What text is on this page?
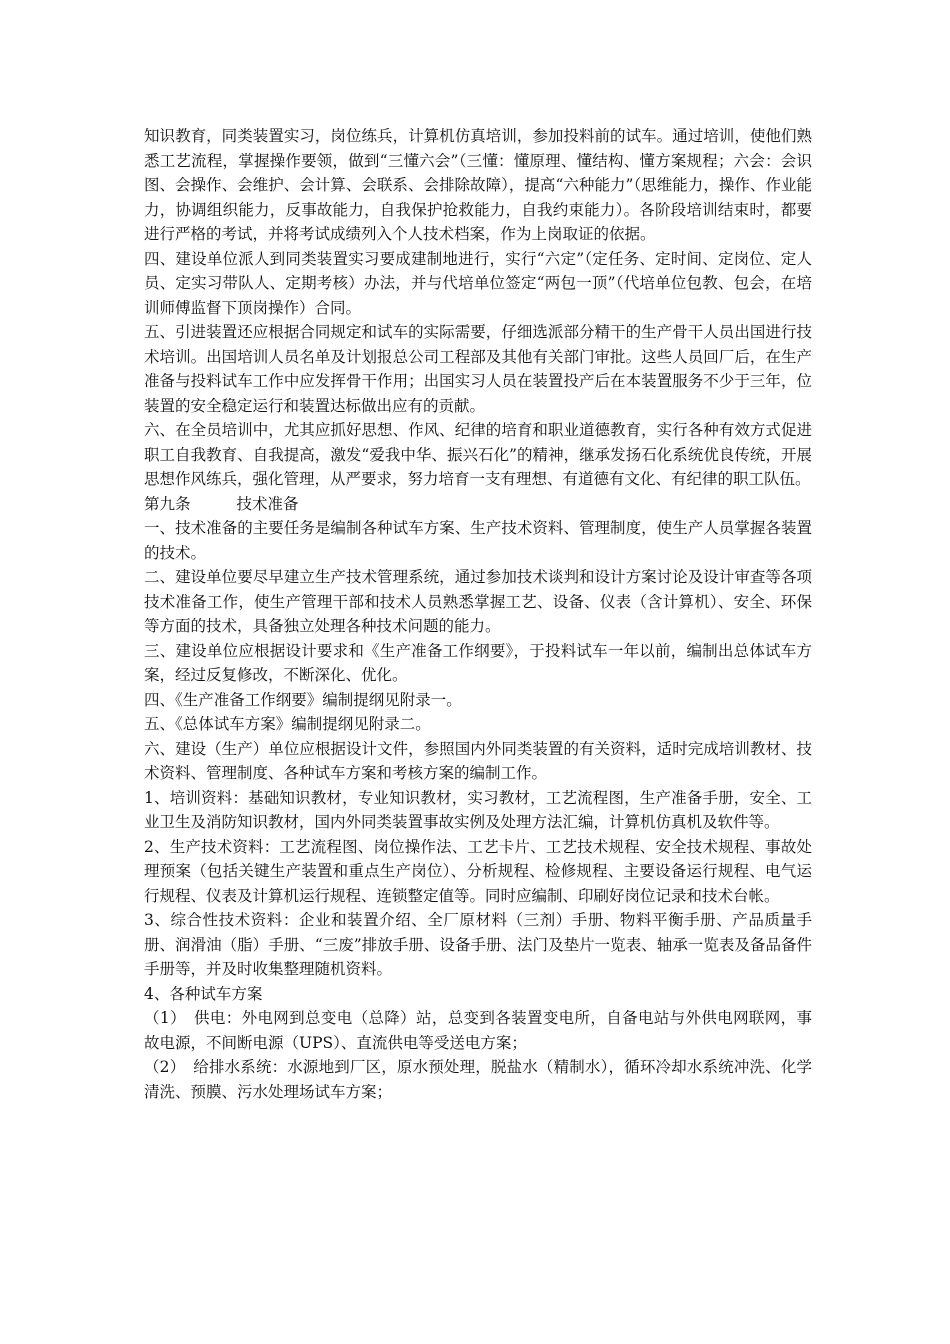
知识教育，同类装置实习，岗位练兵，计算机仿真培训，参加投料前的试车。通过培训，使他们熟悉工艺流程，掌握操作要领，做到“三懂六会”（三懂：懂原理、懂结构、懂方案规程；六会：会识图、会操作、会维护、会计算、会联系、会排除故障），提高“六种能力”（思维能力，操作、作业能力，协调组织能力，反事故能力，自我保护抢救能力，自我约束能力）。各阶段培训结束时，都要进行严格的考试，并将考试成绩列入个人技术档案，作为上岗取证的依据。

四、建设单位派人到同类装置实习要成建制地进行，实行“六定”（定任务、定时间、定岗位、定人员、定实习带队人、定期考核）办法，并与代培单位签定“两包一顶”（代培单位包教、包会，在培训师傅监督下顶岗操作）合同。

五、引进装置还应根据合同规定和试车的实际需要，仔细选派部分精干的生产骨干人员出国进行技术培训。出国培训人员名单及计划报总公司工程部及其他有关部门审批。这些人员回厂后，在生产准备与投料试车工作中应发挥骨干作用；出国实习人员在装置投产后在本装置服务不少于三年，位装置的安全稳定运行和装置达标做出应有的贡献。

六、在全员培训中，尤其应抓好思想、作风、纪律的培育和职业道德教育，实行各种有效方式促进职工自我教育、自我提高，激发“爱我中华、振兴石化”的精神，继承发扬石化系统优良传统，开展思想作风练兵，强化管理，从严要求，努力培育一支有理想、有道德有文化、有纪律的职工队伍。

第九条	技术准备

一、技术准备的主要任务是编制各种试车方案、生产技术资料、管理制度，使生产人员掌握各装置的技术。

二、建设单位要尽早建立生产技术管理系统，通过参加技术谈判和设计方案讨论及设计审查等各项技术准备工作，使生产管理干部和技术人员熟悉掌握工艺、设备、仪表（含计算机）、安全、环保等方面的技术，具备独立处理各种技术问题的能力。

三、建设单位应根据设计要求和《生产准备工作纲要》，于投料试车一年以前，编制出总体试车方案，经过反复修改，不断深化、优化。

四、《生产准备工作纲要》编制提纲见附录一。

五、《总体试车方案》编制提纲见附录二。

六、建设（生产）单位应根据设计文件，参照国内外同类装置的有关资料，适时完成培训教材、技术资料、管理制度、各种试车方案和考核方案的编制工作。

1、培训资料：基础知识教材，专业知识教材，实习教材，工艺流程图，生产准备手册，安全、工业卫生及消防知识教材，国内外同类装置事故实例及处理方法汇编，计算机仿真机及软件等。

2、生产技术资料：工艺流程图、岗位操作法、工艺卡片、工艺技术规程、安全技术规程、事故处理预案（包括关键生产装置和重点生产岗位）、分析规程、检修规程、主要设备运行规程、电气运行规程、仪表及计算机运行规程、连锁整定值等。同时应编制、印刷好岗位记录和技术台帐。

3、综合性技术资料：企业和装置介绍、全厂原材料（三剂）手册、物料平衡手册、产品质量手册、润滑油（脂）手册、“三废”排放手册、设备手册、法门及垫片一览表、轴承一览表及备品备件手册等，并及时收集整理随机资料。

4、各种试车方案

（1）　供电：外电网到总变电（总降）站，总变到各装置变电所，自备电站与外供电网联网，事故电源，不间断电源（UPS）、直流供电等受送电方案；

（2）　给排水系统：水源地到厂区，原水预处理，脱盐水（精制水），循环冷却水系统冲洗、化学清洗、预膜、污水处理场试车方案；
